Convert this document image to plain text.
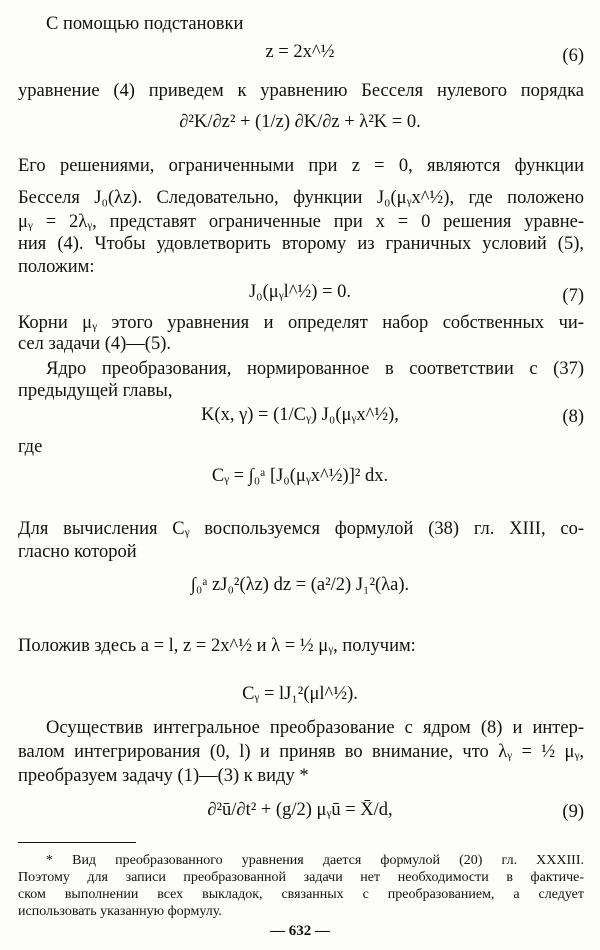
С помощью подстановки
z = 2x^½	(6)
уравнение (4) приведем к уравнению Бесселя нулевого порядка
∂²K/∂z² + (1/z) ∂K/∂z + λ²K = 0.
Его решениями, ограниченными при z = 0, являются функции
Бесселя J₀(λz). Следовательно, функции J₀(μᵧx^½), где положено
μᵧ = 2λᵧ, представят ограниченные при x = 0 решения уравне-
ния (4). Чтобы удовлетворить второму из граничных условий (5),
положим:
J₀(μᵧl^½) = 0.	(7)
Корни μᵧ этого уравнения и определят набор собственных чи-
сел задачи (4)—(5).
Ядро преобразования, нормированное в соответствии с (37)
предыдущей главы,
K(x, γ) = (1/Cᵧ) J₀(μᵧx^½),	(8)
где
Cᵧ = ∫₀ᵃ [J₀(μᵧx^½)]² dx.
Для вычисления Cᵧ воспользуемся формулой (38) гл. XIII, со-
гласно которой
∫₀ᵃ zJ₀²(λz) dz = (a²/2) J₁²(λa).
Положив здесь a = l, z = 2x^½ и λ = ½ μᵧ, получим:
Cᵧ = lJ₁²(μl^½).
Осуществив интегральное преобразование с ядром (8) и интер-
валом интегрирования (0, l) и приняв во внимание, что λᵧ = ½ μᵧ,
преобразуем задачу (1)—(3) к виду *
∂²ū/∂t² + (g/2) μᵧū = X̄/d,	(9)
* Вид преобразованного уравнения дается формулой (20) гл. XXXIII.
Поэтому для записи преобразованной задачи нет необходимости в фактиче-
ском выполнении всех выкладок, связанных с преобразованием, а следует
использовать указанную формулу.
— 632 —
